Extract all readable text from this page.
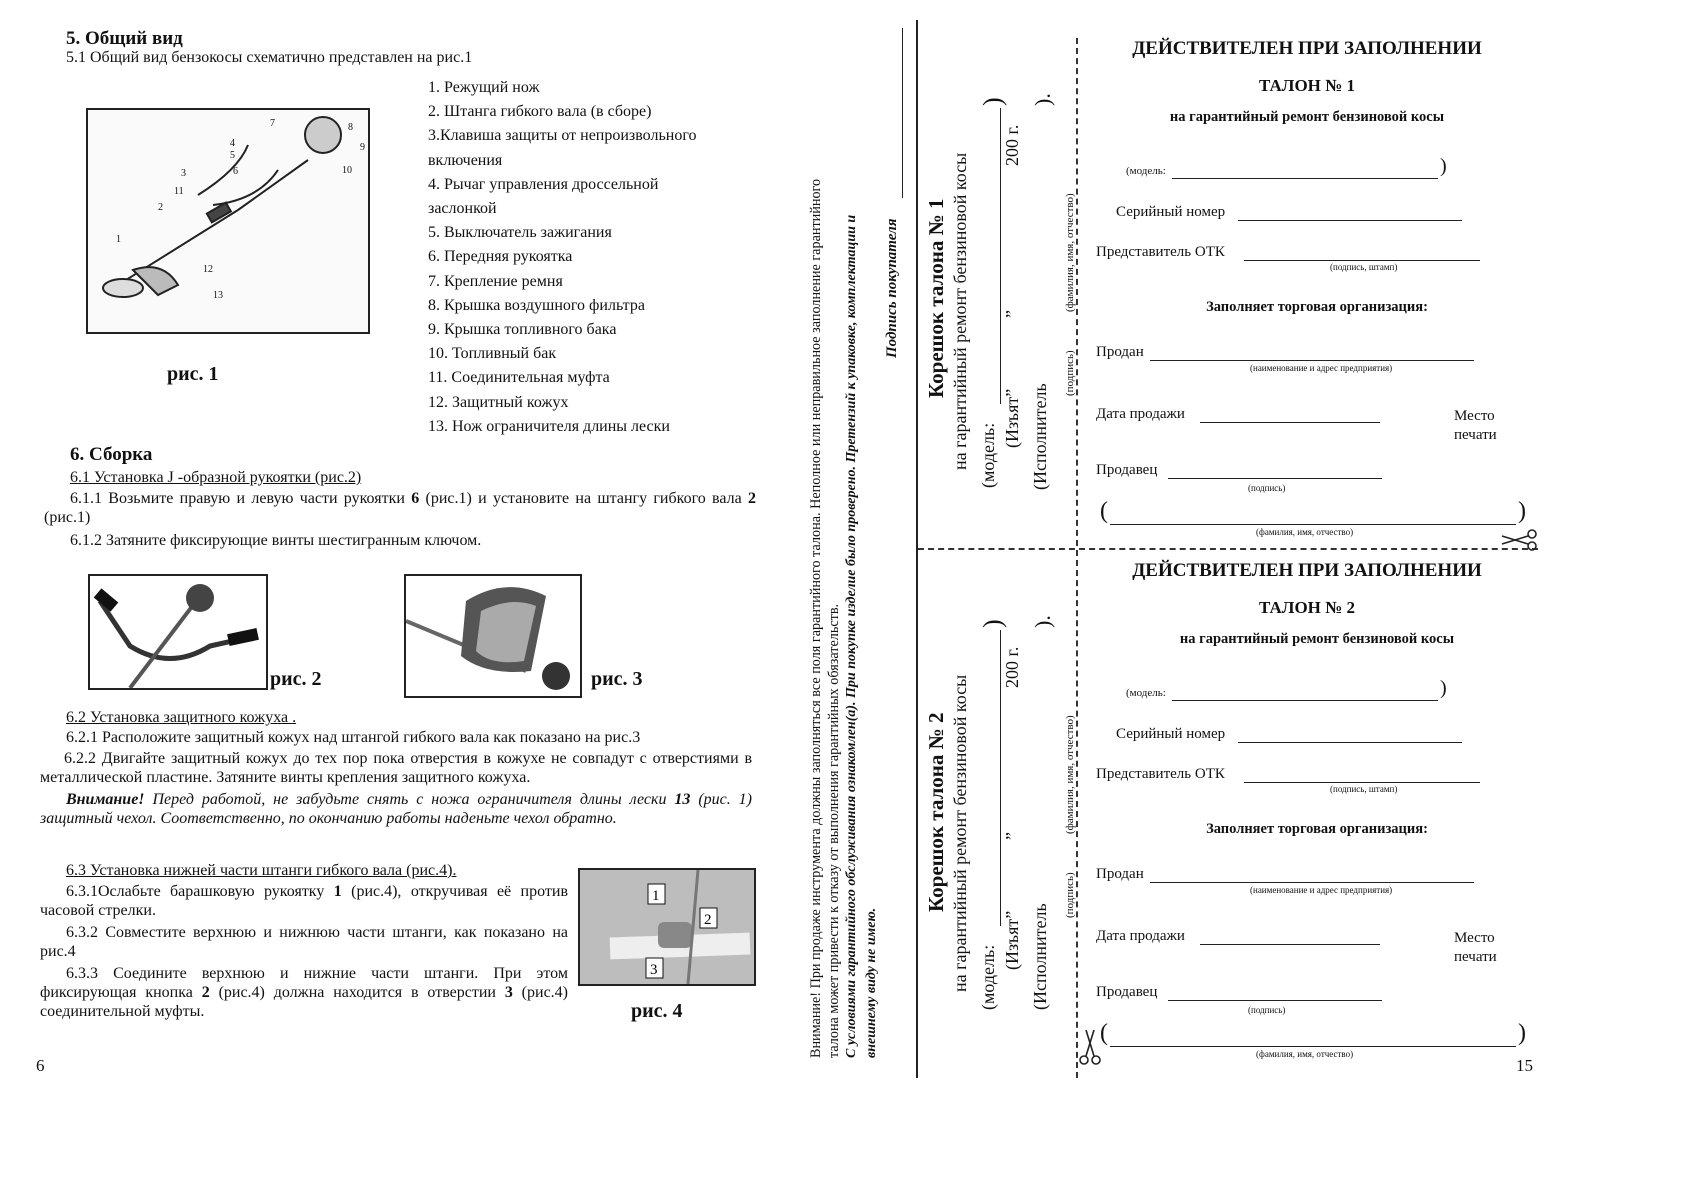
5. Общий вид
5.1 Общий вид бензокосы схематично представлен на рис.1
1
2
3
4
5
6
7	8
9
10
11
12
13
рис. 1
1. Режущий нож
2. Штанга гибкого вала (в сборе)
3.Клавиша защиты от непроизвольного
включения
4. Рычаг управления дроссельной
заслонкой
5. Выключатель зажигания
6. Передняя рукоятка
7. Крепление ремня
8. Крышка воздушного фильтра
9. Крышка топливного бака
10. Топливный бак
11. Соединительная муфта
12. Защитный кожух
13. Нож ограничителя длины лески
6. Сборка
6.1 Установка J -образной рукоятки (рис.2)
6.1.1 Возьмите правую и левую части рукоятки 6 (рис.1) и установите на штангу гибкого вала 2 (рис.1)
6.1.2 Затяните фиксирующие винты шестигранным ключом.
рис. 2	рис. 3
6.2 Установка защитного кожуха .
6.2.1 Расположите защитный кожух над штангой гибкого вала как показано на рис.3
6.2.2 Двигайте защитный кожух до тех пор пока отверстия в кожухе не совпадут с отверстиями в металлической пластине. Затяните винты крепления защитного кожуха.
Внимание! Перед работой, не забудьте снять с ножа ограничителя длины лески 13 (рис. 1) защитный чехол. Соответственно, по окончанию работы наденьте чехол обратно.
6.3 Установка нижней части штанги гибкого вала (рис.4).
6.3.1Ослабьте барашковую рукоятку 1 (рис.4), откручивая её против часовой стрелки.
6.3.2 Совместите верхнюю и нижнюю части штанги, как показано на рис.4
6.3.3 Соедините верхнюю и нижние части штанги. При этом фиксирующая кнопка 2 (рис.4) должна находится в отверстии 3 (рис.4) соединительной муфты.
1
2
3
рис. 4
6
Внимание! При продаже инструмента должны заполняться все поля гарантийного талона. Неполное или неправильное заполнение гарантийного талона может привести к отказу от выполнения гарантийных обязательств. С условиями гарантийного обслуживания ознакомлен(а). При покупке изделие было проверено. Претензий к упаковке, комплектации и внешнему виду не имею.
Подпись покупателя Корешок талона № 1 на гарантийный ремонт бензиновой косы (модель:
)
(Изъят”
”
200 г.
(Исполнитель
).
(подпись)
(фамилия, имя, отчество)
Корешок талона № 2 на гарантийный ремонт бензиновой косы (модель:
)
(Изъят”
”
200 г.
(Исполнитель
).
(подпись)
(фамилия, имя, отчество)
ДЕЙСТВИТЕЛЕН ПРИ ЗАПОЛНЕНИИ
ТАЛОН № 1
на гарантийный ремонт бензиновой косы
(модель:	)
Серийный номер
Представитель ОТК
(подпись, штамп)
Заполняет торговая организация:
Продан
(наименование и адрес предприятия)
Дата продажи	Место
печати
Продавец
(подпись)
(	)
(фамилия, имя, отчество)
ДЕЙСТВИТЕЛЕН ПРИ ЗАПОЛНЕНИИ
ТАЛОН № 2
на гарантийный ремонт бензиновой косы
(модель:	)
Серийный номер
Представитель ОТК
(подпись, штамп)
Заполняет торговая организация:
Продан
(наименование и адрес предприятия)
Дата продажи	Место
печати
Продавец
(подпись)
(	)
(фамилия, имя, отчество)
15
